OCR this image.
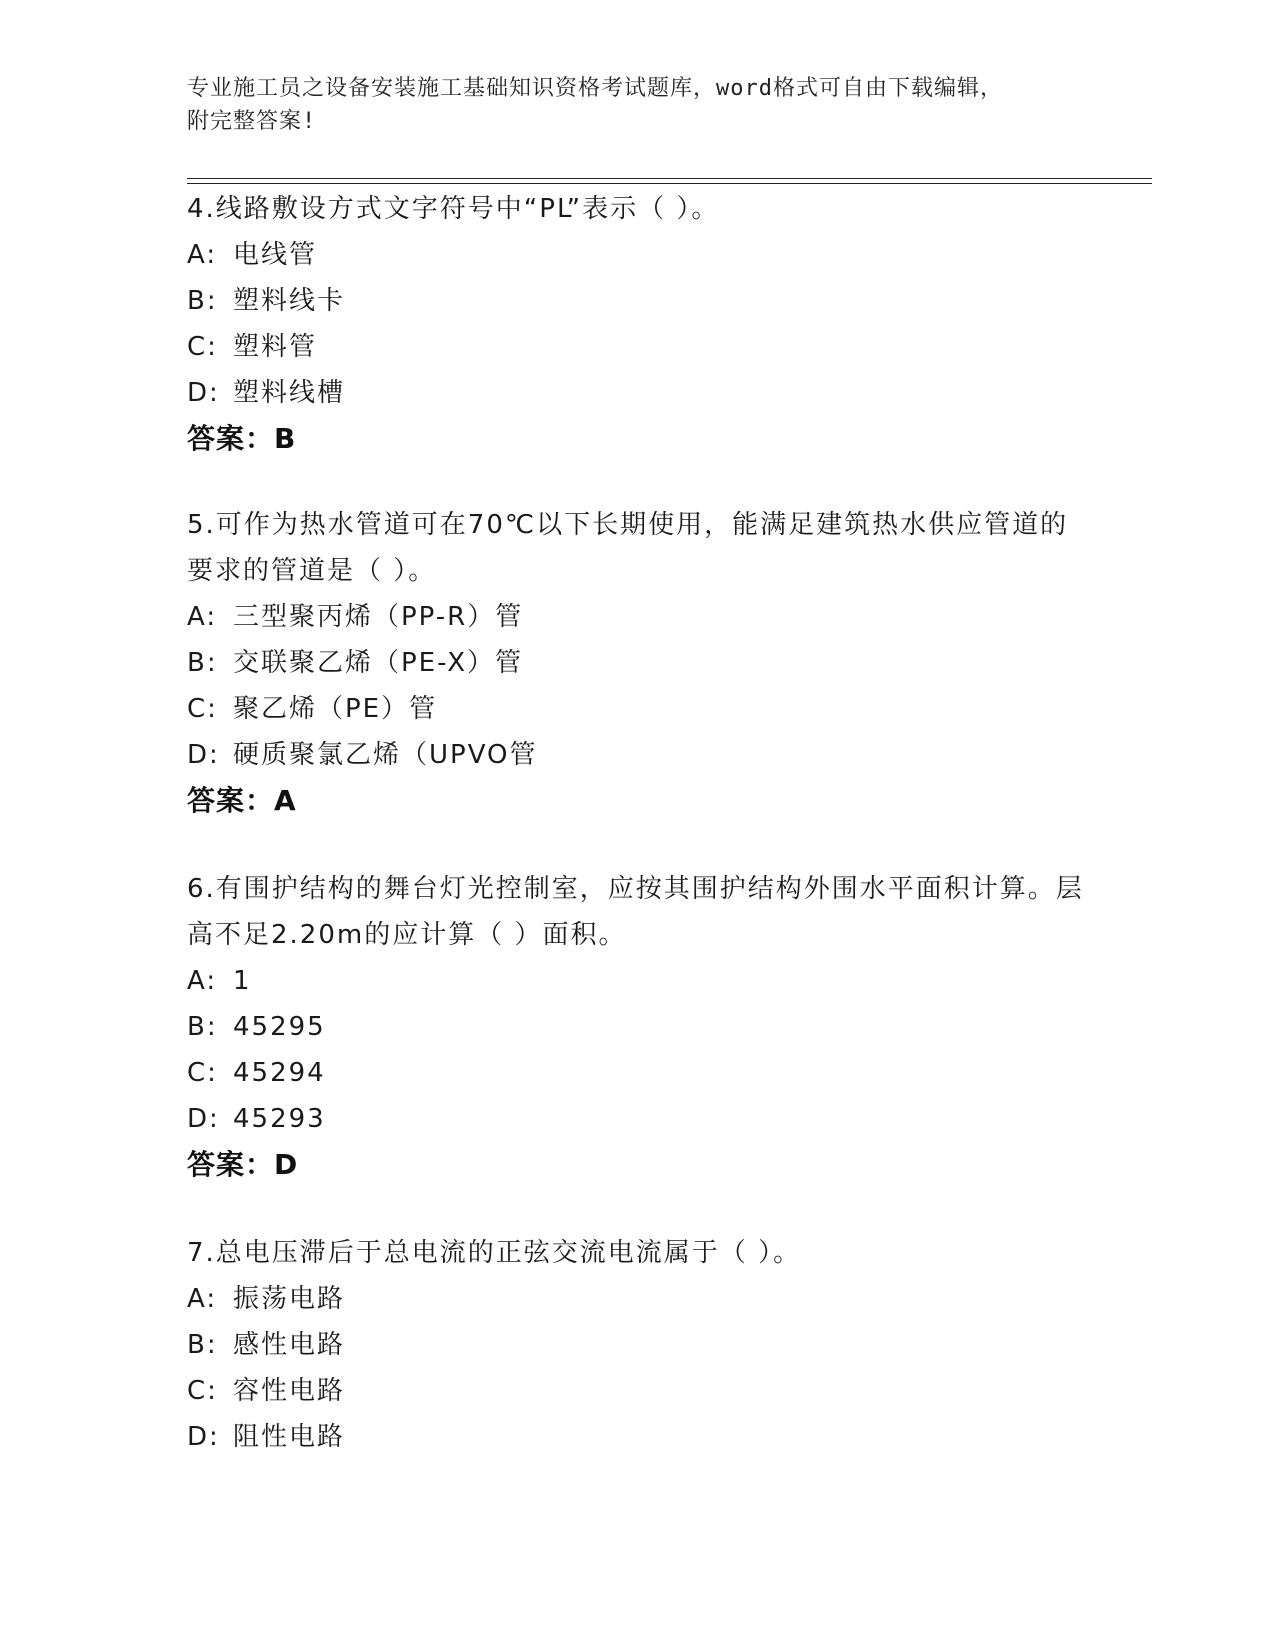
专业施工员之设备安装施工基础知识资格考试题库，word格式可自由下载编辑，
附完整答案!
4.线路敷设方式文字符号中“PL”表示（ ）。
A: 电线管
B: 塑料线卡
C: 塑料管
D: 塑料线槽
答案：B
5.可作为热水管道可在70℃以下长期使用，能满足建筑热水供应管道的要求的管道是（ ）。
A: 三型聚丙烯（PP-R）管
B: 交联聚乙烯（PE-X）管
C: 聚乙烯（PE）管
D: 硬质聚氯乙烯（UPVO管
答案：A
6.有围护结构的舞台灯光控制室，应按其围护结构外围水平面积计算。层高不足2.20m的应计算（ ）面积。
A: 1
B: 45295
C: 45294
D: 45293
答案：D
7.总电压滞后于总电流的正弦交流电流属于（ ）。
A: 振荡电路
B: 感性电路
C: 容性电路
D: 阻性电路
